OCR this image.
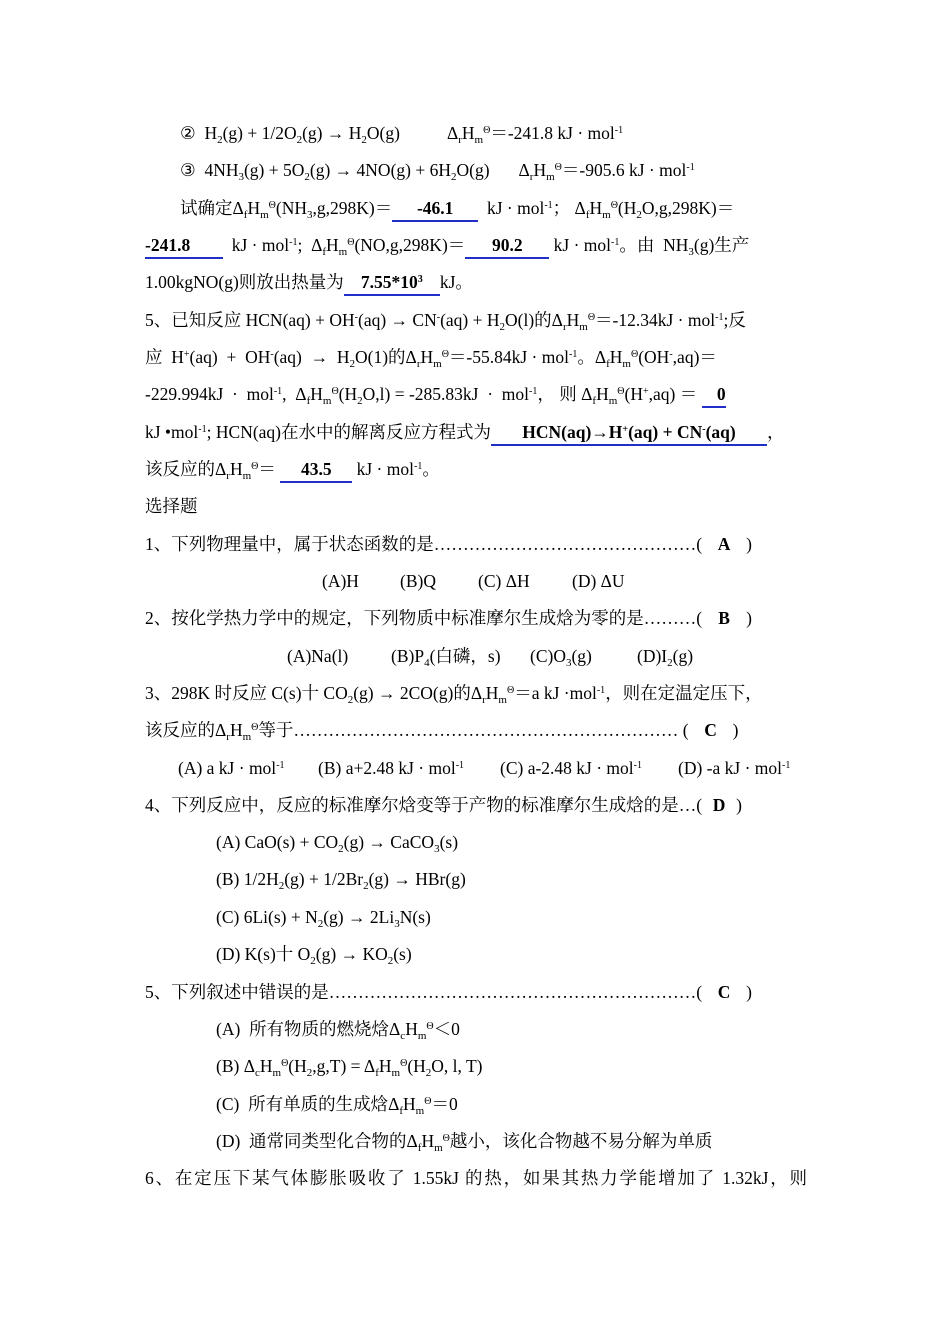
②  $H_2(g) + 1/2O_2(g) \to H_2O(g)$	$\Delta_rH_m^\Theta=-241.8$ kJ · mol$^{-1}$
③  $4NH_3(g) + 5O_2(g) \to 4NO(g) + 6H_2O(g)$ $\Delta_rH_m^\Theta=-905.6$ kJ · mol$^{-1}$
试确定$\Delta_fH_m^\Theta(NH_3,g,298K)= -46.1$  kJ · mol$^{-1}$； $\Delta_fH_m^\Theta(H_2O,g,298K)=$
-241.8  kJ · mol$^{-1}$;  $\Delta_fH_m^\Theta(NO,g,298K)= 90.2$ kJ · mol$^{-1}$。由  $NH_3(g)$生产
1.00kgNO(g)则放出热量为 $7.55*10^3$ kJ。
5、已知反应 $HCN(aq) + OH^-(aq) \to CN^-(aq) + H_2O(l)$的$\Delta_rH_m^\Theta=-12.34kJ \cdot mol^{-1}$;反
应  $H^+(aq) + OH^-(aq) \to H_2O(1)$的$\Delta_rH_m^\Theta=-55.84kJ \cdot mol^{-1}$。$\Delta_fH_m^\Theta(OH^-,aq)=$
-229.994kJ  ·  mol$^{-1}$,  $\Delta_fH_m^\Theta(H_2O,l) = -285.83kJ \cdot mol^{-1}$， 则 $\Delta_fH_m^\Theta(H^+,aq) = 0$
kJ •mol$^{-1}$; HCN(aq)在水中的解离反应方程式为 HCN(aq)→H+(aq) + CN-(aq) ，
该反应的$\Delta_rH_m^\Theta= 43.5$ kJ · mol$^{-1}$。
选择题
1、下列物理量中，属于状态函数的是………………………………………( A )
(A)H (B)Q (C) ΔH (D) ΔU
2、按化学热力学中的规定，下列物质中标准摩尔生成焓为零的是………( B )
(A)Na(l) $(B)P_4$(白磷，s) $(C)O_3(g)$	$(D)I_2(g)$
3、298K 时反应 C(s)十 $CO_2(g) \to 2CO(g)$的$\Delta_rH_m^\Theta=a$ kJ ·mol$^{-1}$，则在定温定压下，
该反应的$\Delta_rH_m^\Theta$等于………………………………………………………… ( C )
(A) a kJ · mol$^{-1}$ (B) a+2.48 kJ · mol$^{-1}$ (C) a-2.48 kJ · mol$^{-1}$ (D) -a kJ · mol$^{-1}$
4、下列反应中，反应的标准摩尔焓变等于产物的标准摩尔生成焓的是…( D )
(A) $CaO(s) + CO_2(g)$ → CaCO$_3$(s)
(B) $1/2H_2(g) + 1/2Br_2(g) \to HBr(g)$
(C) $6Li(s) + N_2(g) \to 2Li_3N(s)$
(D) K(s)十 $O_2(g) \to KO_2(s)$
5、下列叙述中错误的是………………………………………………………( C )
(A)  所有物质的燃烧焓$\Delta_cH_m^\Theta<0$
(B) $\Delta_cH_m^\Theta(H_2,g,T) = \Delta_fH_m^\Theta(H_2O$, l, T)
(C)  所有单质的生成焓$\Delta_fH_m^\Theta=0$
(D)  通常同类型化合物的$\Delta_fH_m^\Theta$越小，该化合物越不易分解为单质
6、在定压下某气体膨胀吸收了 1.55kJ 的热，如果其热力学能增加了 1.32kJ，则
